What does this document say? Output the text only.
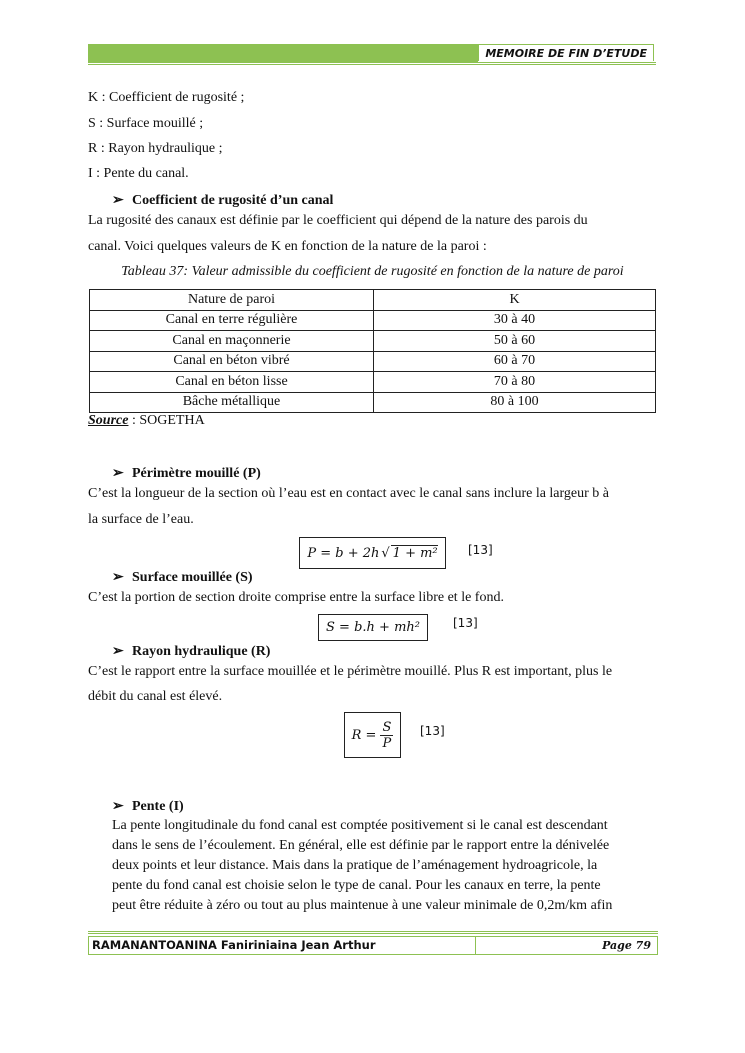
MEMOIRE DE FIN D’ETUDE
K : Coefficient de rugosité ;
S : Surface mouillé ;
R : Rayon hydraulique ;
I : Pente du canal.
➢ Coefficient de rugosité d’un canal
La rugosité des canaux est définie par le coefficient qui dépend de la nature des parois du
canal. Voici quelques valeurs de K en fonction de la nature de la paroi :
Tableau 37: Valeur admissible du coefficient de rugosité en fonction de la nature de paroi
Nature de paroi	K
Canal en terre régulière	30 à 40
Canal en maçonnerie	50 à 60
Canal en béton vibré	60 à 70
Canal en béton lisse	70 à 80
Bâche métallique	80 à 100
Source : SOGETHA
➢ Périmètre mouillé (P)
C’est la longueur de la section où l’eau est en contact avec le canal sans inclure la largeur b à
la surface de l’eau.
P = b + 2h √ 1 + m²	[13]
➢ Surface mouillée (S)
C’est la portion de section droite comprise entre la surface libre et le fond.
S = b.h + mh²	[13]
➢ Rayon hydraulique (R)
C’est le rapport entre la surface mouillée et le périmètre mouillé. Plus R est important, plus le
débit du canal est élevé.
$R = \frac{S}{P} [13]$
➢ Pente (I)
La pente longitudinale du fond canal est comptée positivement si le canal est descendant
dans le sens de l’écoulement. En général, elle est définie par le rapport entre la dénivelée
deux points et leur distance. Mais dans la pratique de l’aménagement hydroagricole, la
pente du fond canal est choisie selon le type de canal. Pour les canaux en terre, la pente
peut être réduite à zéro ou tout au plus maintenue à une valeur minimale de 0,2m/km afin
RAMANANTOANINA Faniriniaina Jean Arthur	Page 79
